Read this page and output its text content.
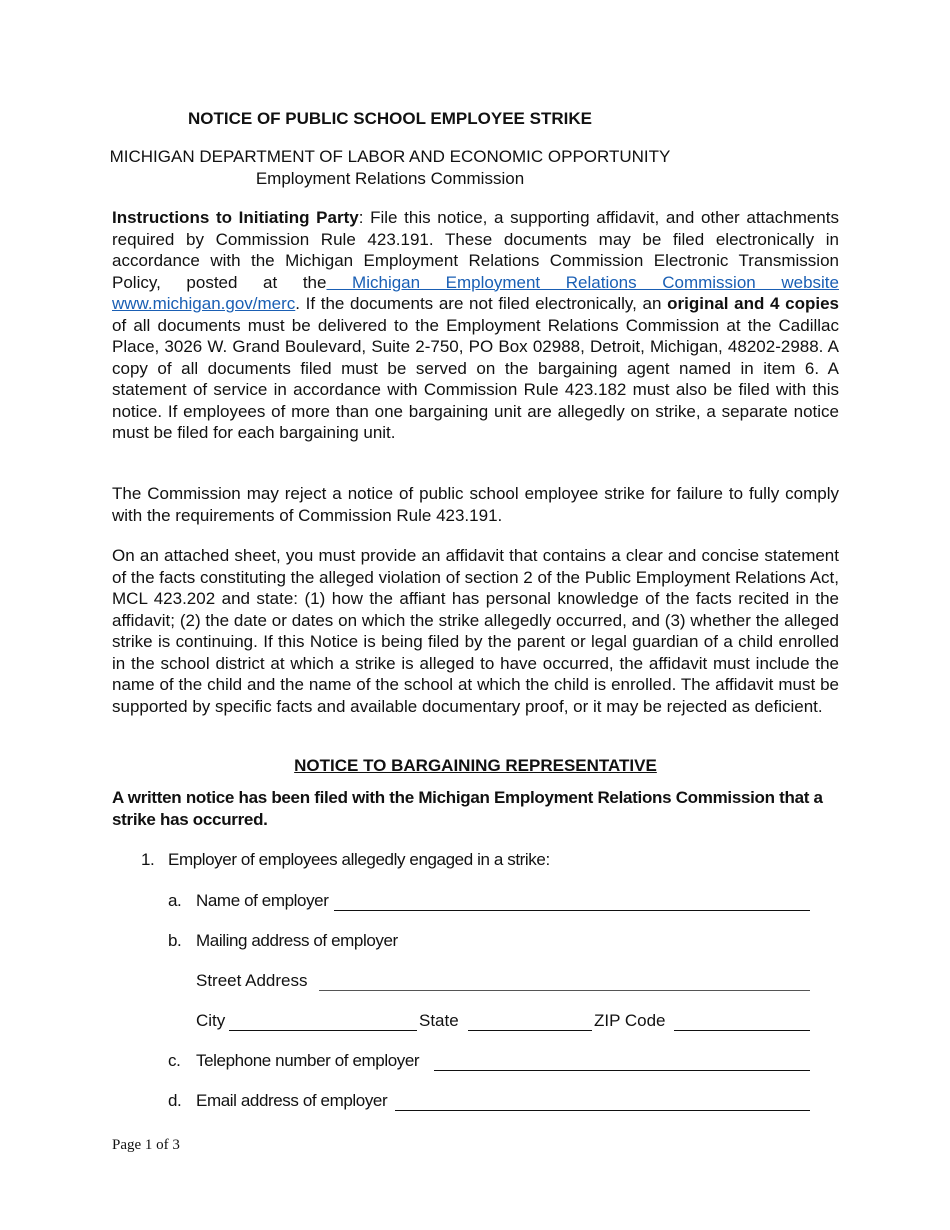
NOTICE OF PUBLIC SCHOOL EMPLOYEE STRIKE
MICHIGAN DEPARTMENT OF LABOR AND ECONOMIC OPPORTUNITY
Employment Relations Commission

Instructions to Initiating Party: File this notice, a supporting affidavit, and other attachments required by Commission Rule 423.191. These documents may be filed electronically in accordance with the Michigan Employment Relations Commission Electronic Transmission Policy, posted at the Michigan Employment Relations Commission website www.michigan.gov/merc. If the documents are not filed electronically, an original and 4 copies of all documents must be delivered to the Employment Relations Commission at the Cadillac Place, 3026 W. Grand Boulevard, Suite 2-750, PO Box 02988, Detroit, Michigan, 48202-2988. A copy of all documents filed must be served on the bargaining agent named in item 6. A statement of service in accordance with Commission Rule 423.182 must also be filed with this notice. If employees of more than one bargaining unit are allegedly on strike, a separate notice must be filed for each bargaining unit.

The Commission may reject a notice of public school employee strike for failure to fully comply with the requirements of Commission Rule 423.191.

On an attached sheet, you must provide an affidavit that contains a clear and concise statement of the facts constituting the alleged violation of section 2 of the Public Employment Relations Act, MCL 423.202 and state: (1) how the affiant has personal knowledge of the facts recited in the affidavit; (2) the date or dates on which the strike allegedly occurred, and (3) whether the alleged strike is continuing. If this Notice is being filed by the parent or legal guardian of a child enrolled in the school district at which a strike is alleged to have occurred, the affidavit must include the name of the child and the name of the school at which the child is enrolled. The affidavit must be supported by specific facts and available documentary proof, or it may be rejected as deficient.

NOTICE TO BARGAINING REPRESENTATIVE

A written notice has been filed with the Michigan Employment Relations Commission that a strike has occurred.

1. Employer of employees allegedly engaged in a strike:
a. Name of employer
b. Mailing address of employer
Street Address
City	State	ZIP Code
c. Telephone number of employer
d. Email address of employer
Page 1 of 3
